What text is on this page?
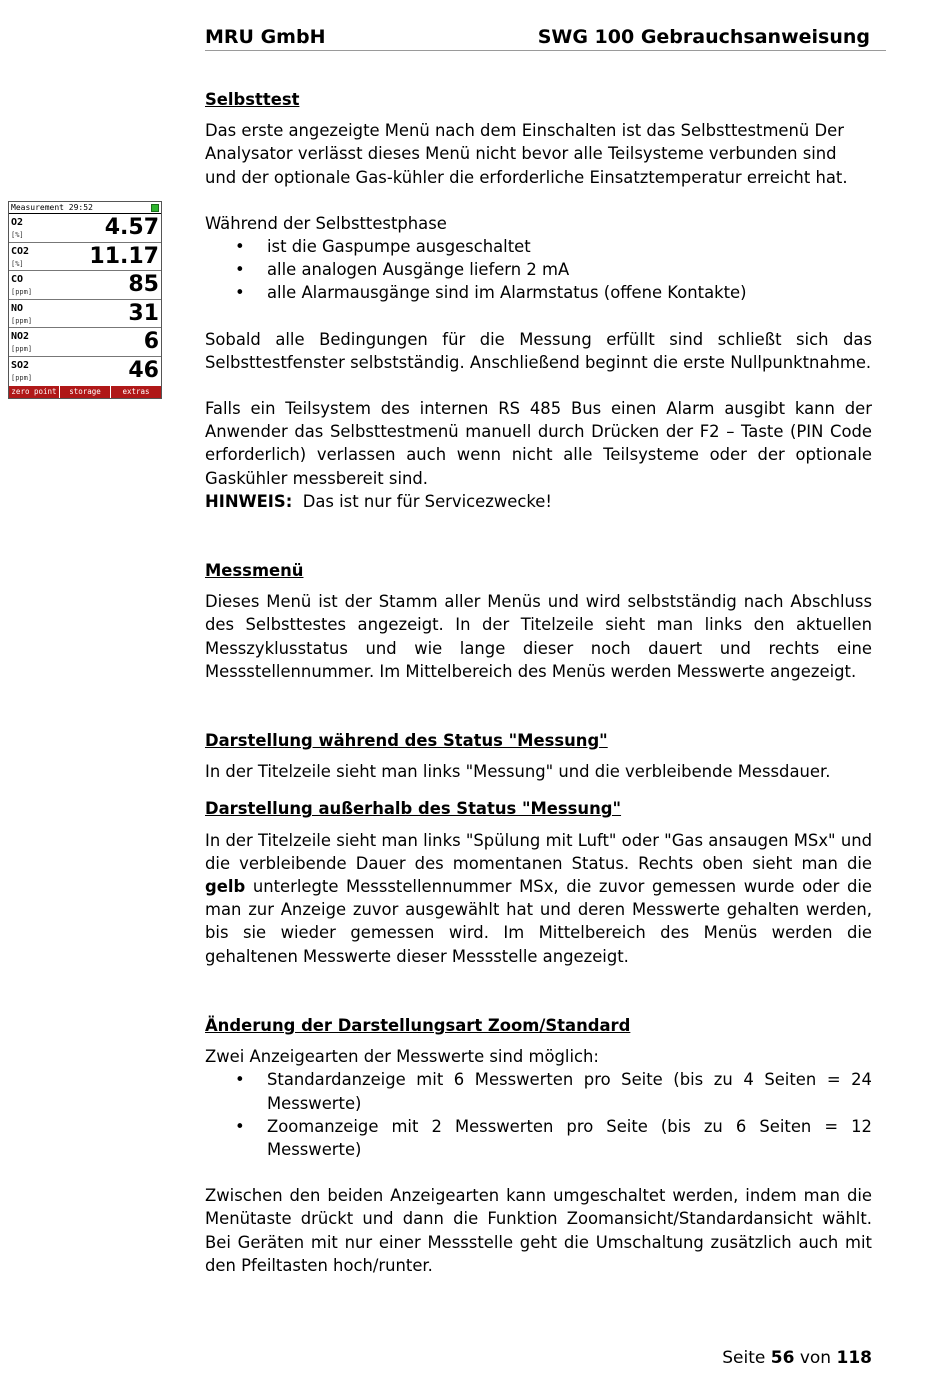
MRU GmbH	SWG 100 Gebrauchsanweisung
Measurement 29:52
O2
[%]	4.57
CO2
[%]	11.17
CO
[ppm]	85
NO
[ppm]	31
NO2
[ppm]	6
SO2
[ppm]	46
zero point	storage	extras

Selbsttest

Das erste angezeigte Menü nach dem Einschalten ist das Selbsttestmenü Der Analysator verlässt dieses Menü nicht bevor alle Teilsysteme verbunden sind und der optionale Gas-kühler die erforderliche Einsatztemperatur erreicht hat.

Während der Selbsttestphase

• ist die Gaspumpe ausgeschaltet
• alle analogen Ausgänge liefern 2 mA
• alle Alarmausgänge sind im Alarmstatus (offene Kontakte)

Sobald alle Bedingungen für die Messung erfüllt sind schließt sich das Selbsttestfenster selbstständig. Anschließend beginnt die erste Nullpunktnahme.

Falls ein Teilsystem des internen RS 485 Bus einen Alarm ausgibt kann der Anwender das Selbsttestmenü manuell durch Drücken der F2 – Taste (PIN Code erforderlich) verlassen auch wenn nicht alle Teilsysteme oder der optionale Gaskühler messbereit sind.

HINWEIS: Das ist nur für Servicezwecke!

Messmenü

Dieses Menü ist der Stamm aller Menüs und wird selbstständig nach Abschluss des Selbsttestes angezeigt. In der Titelzeile sieht man links den aktuellen Messzyklusstatus und wie lange dieser noch dauert und rechts eine Messstellennummer. Im Mittelbereich des Menüs werden Messwerte angezeigt.

Darstellung während des Status "Messung"

In der Titelzeile sieht man links "Messung" und die verbleibende Messdauer.

Darstellung außerhalb des Status "Messung"

In der Titelzeile sieht man links "Spülung mit Luft" oder "Gas ansaugen MSx" und die verbleibende Dauer des momentanen Status. Rechts oben sieht man die gelb unterlegte Messstellennummer MSx, die zuvor gemessen wurde oder die man zur Anzeige zuvor ausgewählt hat und deren Messwerte gehalten werden, bis sie wieder gemessen wird. Im Mittelbereich des Menüs werden die gehaltenen Messwerte dieser Messstelle angezeigt.

Änderung der Darstellungsart Zoom/Standard

Zwei Anzeigearten der Messwerte sind möglich:

• Standardanzeige mit 6 Messwerten pro Seite (bis zu 4 Seiten = 24 Messwerte)
• Zoomanzeige mit 2 Messwerten pro Seite (bis zu 6 Seiten = 12 Messwerte)

Zwischen den beiden Anzeigearten kann umgeschaltet werden, indem man die Menütaste drückt und dann die Funktion Zoomansicht/Standardansicht wählt. Bei Geräten mit nur einer Messstelle geht die Umschaltung zusätzlich auch mit den Pfeiltasten hoch/runter.

Seite 56 von 118
